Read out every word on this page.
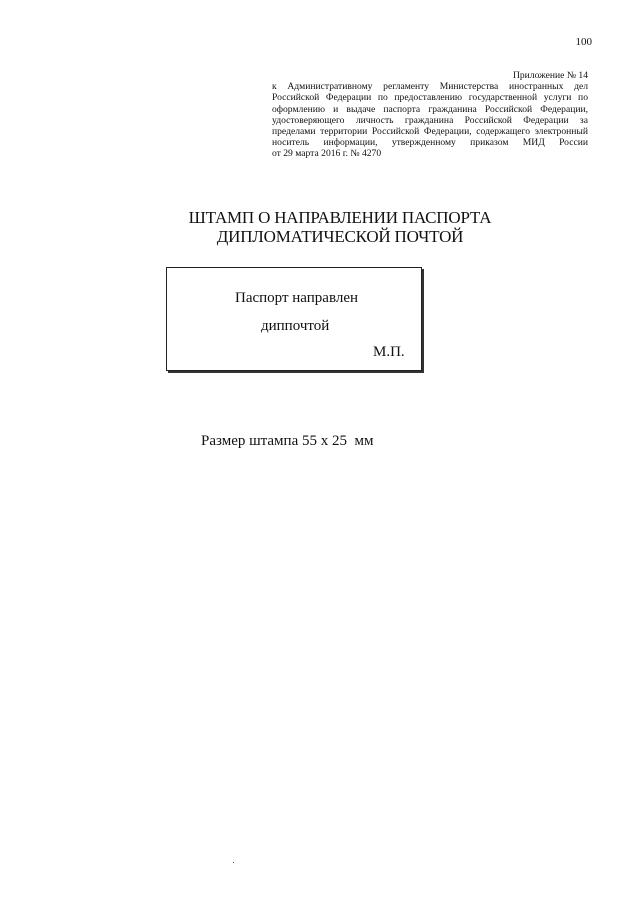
100
Приложение № 14
к Административному регламенту Министерства иностранных дел
Российской Федерации по предоставлению государственной услуги по
оформлению и выдаче паспорта гражданина Российской Федерации,
удостоверяющего личность гражданина Российской Федерации за
пределами территории Российской Федерации, содержащего электронный
носитель информации, утвержденному приказом МИД России
от 29 марта 2016 г. № 4270
ШТАМП О НАПРАВЛЕНИИ ПАСПОРТА
ДИПЛОМАТИЧЕСКОЙ ПОЧТОЙ
Паспорт направлен
диппочтой
М.П.
Размер штампа 55 x 25  мм
